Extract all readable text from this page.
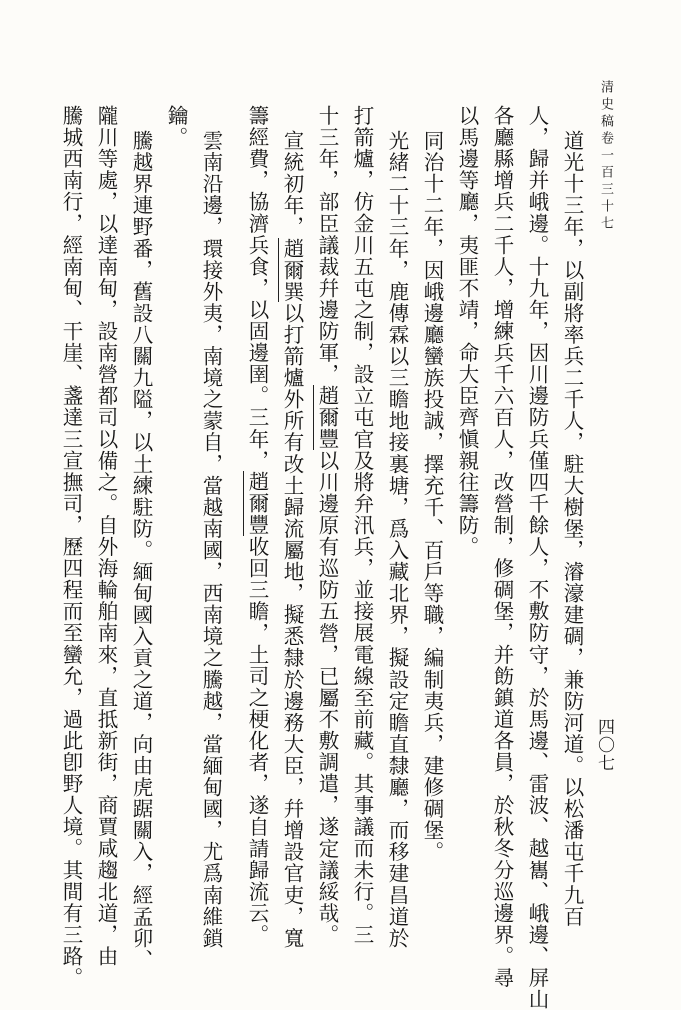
清史稿卷一百三十七
四〇七
道光十三年，以副將率兵二千人，駐大樹堡，濬濠建碉，兼防河道。以松潘屯千九百
人，歸并峨邊。十九年，因川邊防兵僅四千餘人，不敷防守，於馬邊、雷波、越巂、峨邊、屏山
各廳縣增兵二千人，增練兵千六百人，改營制，修碉堡，并飭鎮道各員，於秋冬分巡邊界。尋
以馬邊等廳，夷匪不靖，命大臣齊愼親往籌防。
同治十二年，因峨邊廳蠻族投誠，擇充千、百戶等職，編制夷兵，建修碉堡。
光緒二十三年，鹿傳霖以三瞻地接裏塘，爲入藏北界，擬設定瞻直隸廳，而移建昌道於
打箭爐，仿金川五屯之制，設立屯官及將弁汛兵，並接展電線至前藏。其事議而未行。三
十三年，部臣議裁幷邊防軍，趙爾豐以川邊原有巡防五營，已屬不敷調遣，遂定議綏哉。
宣統初年，趙爾巽以打箭爐外所有改土歸流屬地，擬悉隸於邊務大臣，幷增設官吏，寬
籌經費，協濟兵食，以固邊圉。三年，趙爾豐收回三瞻，土司之梗化者，遂自請歸流云。
雲南沿邊，環接外夷，南境之蒙自，當越南國，西南境之騰越，當緬甸國，尤爲南維鎖
鑰。
騰越界連野番，舊設八關九隘，以土練駐防。緬甸國入貢之道，向由虎踞關入，經孟卯、
隴川等處，以達南甸，設南營都司以備之。自外海輪舶南來，直抵新街，商賈咸趨北道，由
騰城西南行，經南甸、干崖、盞達三宣撫司，歷四程而至蠻允，過此卽野人境。其間有三路。
